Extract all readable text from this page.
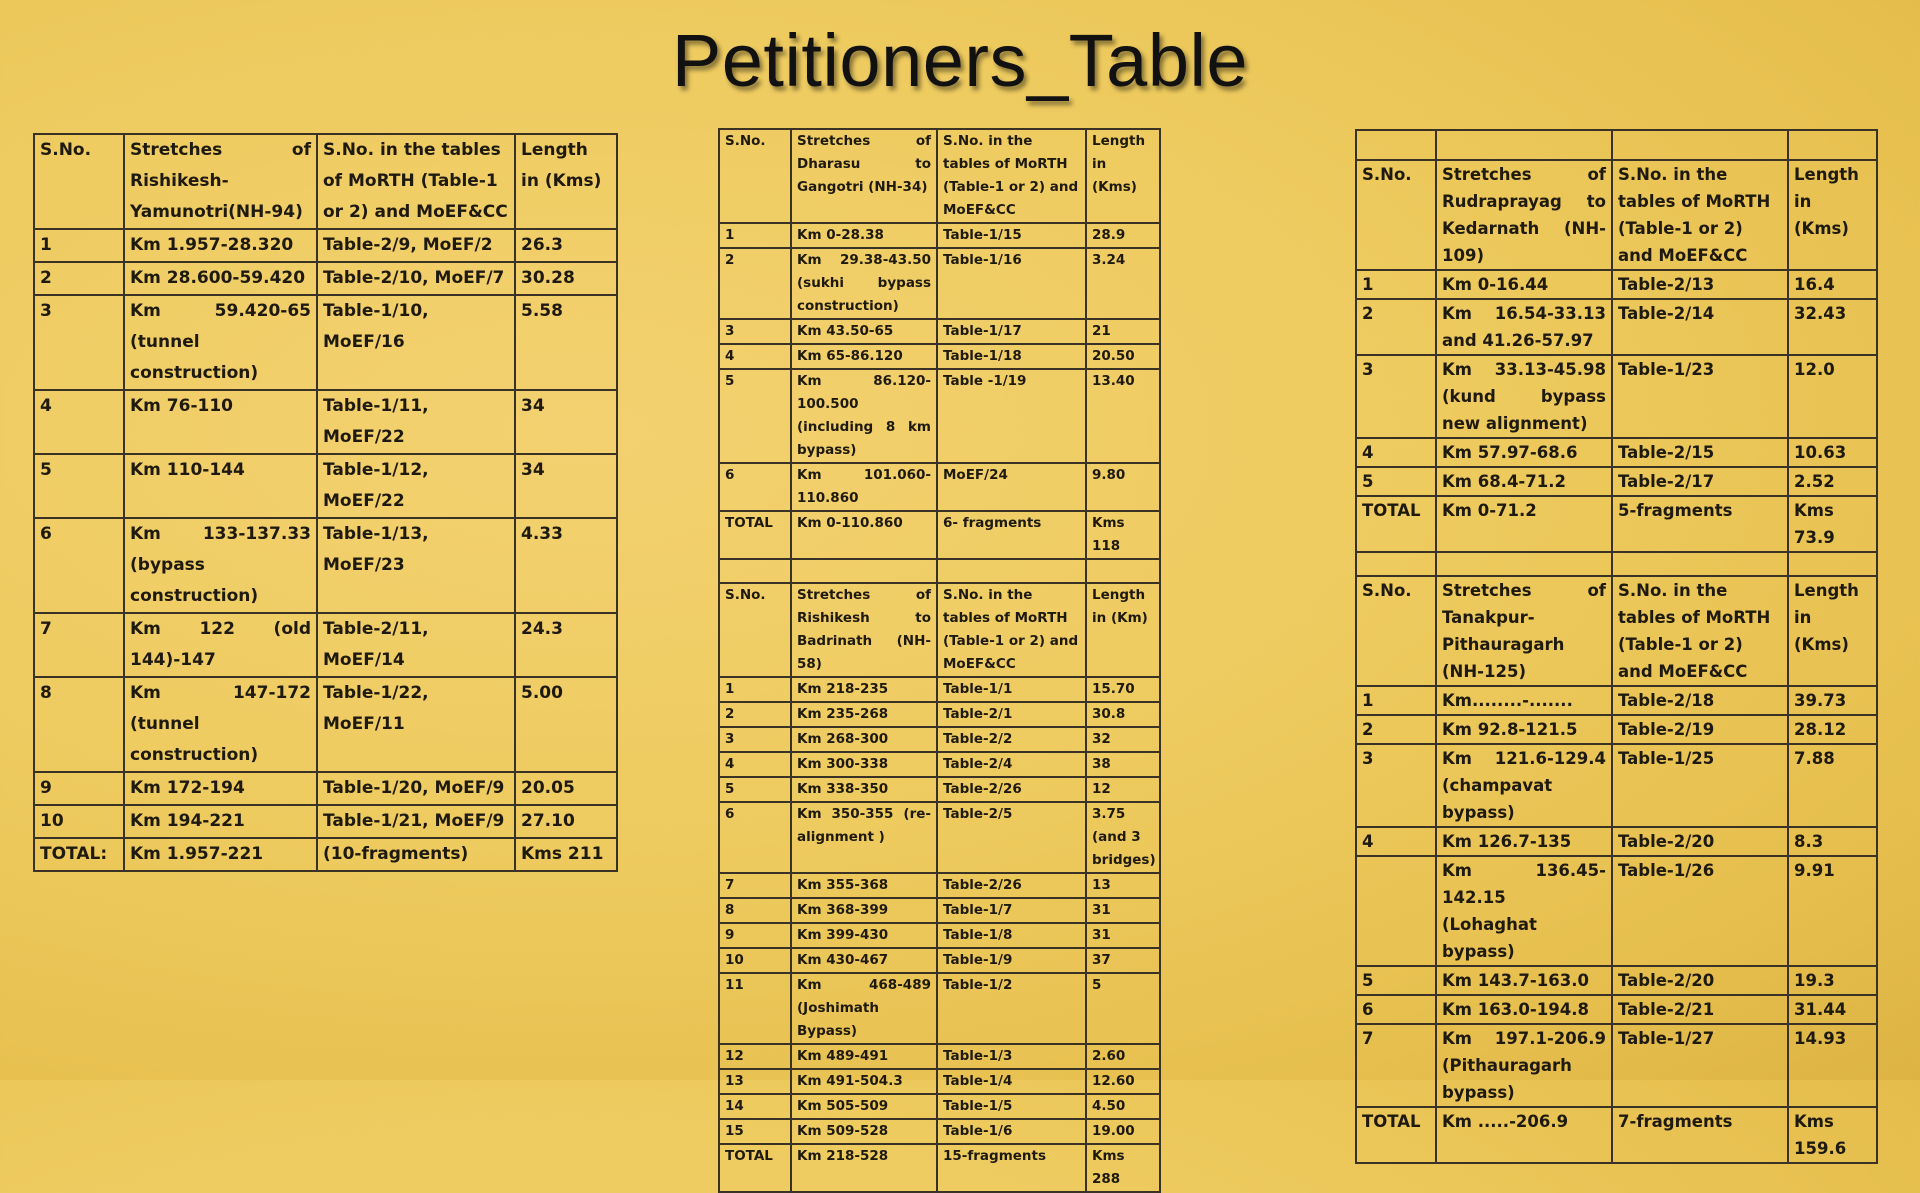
Petitioners_Table
S.No.	Stretches of Rishikesh-Yamunotri(NH-94)	S.No. in the tables of MoRTH (Table-1 or 2) and MoEF&CC	Length in (Kms)
1	Km 1.957-28.320	Table-2/9, MoEF/2	26.3
2	Km 28.600-59.420	Table-2/10, MoEF/7	30.28
3	Km 59.420-65 (tunnel construction)	Table-1/10, MoEF/16	5.58
4	Km 76-110	Table-1/11, MoEF/22	34
5	Km 110-144	Table-1/12, MoEF/22	34
6	Km 133-137.33 (bypass construction)	Table-1/13, MoEF/23	4.33
7	Km 122 (old 144)-147	Table-2/11, MoEF/14	24.3
8	Km 147-172 (tunnel construction)	Table-1/22, MoEF/11	5.00
9	Km 172-194	Table-1/20, MoEF/9	20.05
10	Km 194-221	Table-1/21, MoEF/9	27.10
TOTAL:	Km 1.957-221	(10-fragments)	Kms 211
S.No.	Stretches of Dharasu to Gangotri (NH-34)	S.No. in the tables of MoRTH (Table-1 or 2) and MoEF&CC	Length in (Kms)
1	Km 0-28.38	Table-1/15	28.9
2	Km 29.38-43.50 (sukhi bypass construction)	Table-1/16	3.24
3	Km 43.50-65	Table-1/17	21
4	Km 65-86.120	Table-1/18	20.50
5	Km 86.120-100.500 (including 8 km bypass)	Table -1/19	13.40
6	Km 101.060-110.860	MoEF/24	9.80
TOTAL	Km 0-110.860	6- fragments	Kms 118

S.No.	Stretches of Rishikesh to Badrinath (NH-58)	S.No. in the tables of MoRTH (Table-1 or 2) and MoEF&CC	Length in (Km)
1	Km 218-235	Table-1/1	15.70
2	Km 235-268	Table-2/1	30.8
3	Km 268-300	Table-2/2	32
4	Km 300-338	Table-2/4	38
5	Km 338-350	Table-2/26	12
6	Km 350-355 (re-alignment )	Table-2/5	3.75 (and 3 bridges)
7	Km 355-368	Table-2/26	13
8	Km 368-399	Table-1/7	31
9	Km 399-430	Table-1/8	31
10	Km 430-467	Table-1/9	37
11	Km 468-489 (Joshimath Bypass)	Table-1/2	5
12	Km 489-491	Table-1/3	2.60
13	Km 491-504.3	Table-1/4	12.60
14	Km 505-509	Table-1/5	4.50
15	Km 509-528	Table-1/6	19.00
TOTAL	Km 218-528	15-fragments	Kms 288

S.No.	Stretches of Rudraprayag to Kedarnath (NH-109)	S.No. in the tables of MoRTH (Table-1 or 2) and MoEF&CC	Length in (Kms)
1	Km 0-16.44	Table-2/13	16.4
2	Km 16.54-33.13 and 41.26-57.97	Table-2/14	32.43
3	Km 33.13-45.98 (kund bypass new alignment)	Table-1/23	12.0
4	Km 57.97-68.6	Table-2/15	10.63
5	Km 68.4-71.2	Table-2/17	2.52
TOTAL	Km 0-71.2	5-fragments	Kms 73.9

S.No.	Stretches of Tanakpur-Pithauragarh (NH-125)	S.No. in the tables of MoRTH (Table-1 or 2) and MoEF&CC	Length in (Kms)
1	Km........-.......	Table-2/18	39.73
2	Km 92.8-121.5	Table-2/19	28.12
3	Km 121.6-129.4 (champavat bypass)	Table-1/25	7.88
4	Km 126.7-135	Table-2/20	8.3
	Km 136.45-142.15 (Lohaghat bypass)	Table-1/26	9.91
5	Km 143.7-163.0	Table-2/20	19.3
6	Km 163.0-194.8	Table-2/21	31.44
7	Km 197.1-206.9 (Pithauragarh bypass)	Table-1/27	14.93
TOTAL	Km .....-206.9	7-fragments	Kms 159.6
